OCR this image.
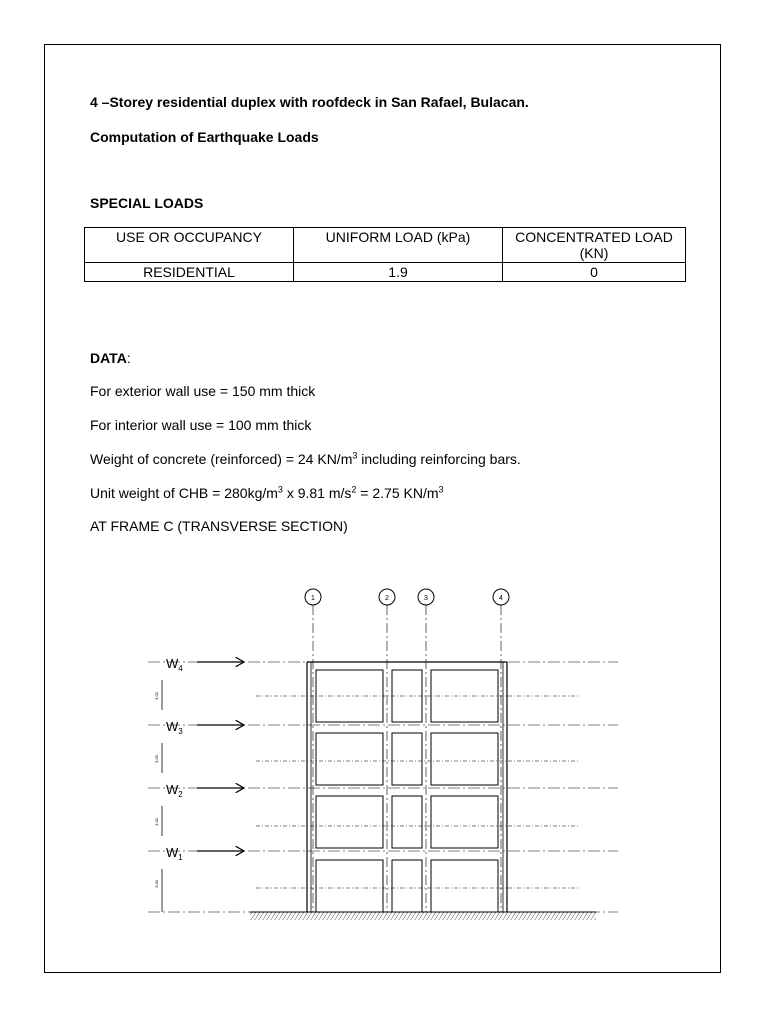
4 –Storey residential duplex with roofdeck in San Rafael, Bulacan.
Computation of Earthquake Loads
SPECIAL LOADS
USE OR OCCUPANCY	UNIFORM LOAD (kPa)	CONCENTRATED LOAD (KN)
RESIDENTIAL	1.9	0
DATA:
For exterior wall use = 150 mm thick
For interior wall use = 100 mm thick
Weight of concrete (reinforced) = 24 $KN/m^3$ including reinforcing bars.
Unit weight of CHB = $280kg/m^3$ x 9.81 $m/s^2 = 2.75$ $KN/m^3$
AT FRAME C (TRANSVERSE SECTION)
1	2	3	4
$W_4$
$W_3$
$W_2$
$W_1$
3.00
3.00
3.00
3.00
